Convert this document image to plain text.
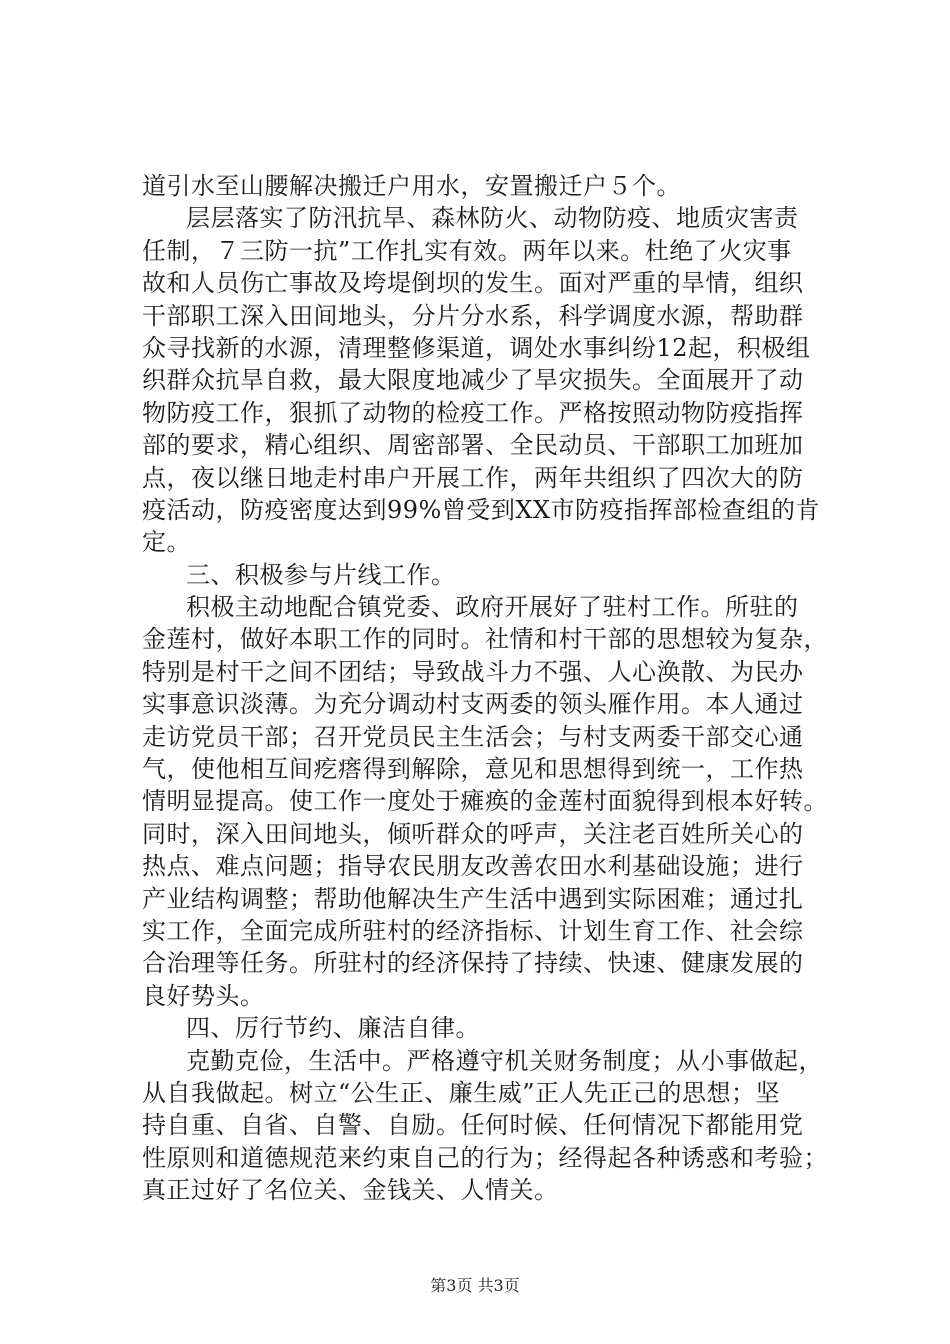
道引水至山腰解决搬迁户用水，安置搬迁户５个。
层层落实了防汛抗旱、森林防火、动物防疫、地质灾害责
任制，７三防一抗”工作扎实有效。两年以来。杜绝了火灾事
故和人员伤亡事故及垮堤倒坝的发生。面对严重的旱情，组织
干部职工深入田间地头，分片分水系，科学调度水源，帮助群
众寻找新的水源，清理整修渠道，调处水事纠纷12起，积极组
织群众抗旱自救，最大限度地减少了旱灾损失。全面展开了动
物防疫工作，狠抓了动物的检疫工作。严格按照动物防疫指挥
部的要求，精心组织、周密部署、全民动员、干部职工加班加
点，夜以继日地走村串户开展工作，两年共组织了四次大的防
疫活动，防疫密度达到99%曾受到XX市防疫指挥部检查组的肯
定。
三、积极参与片线工作。
积极主动地配合镇党委、政府开展好了驻村工作。所驻的
金莲村，做好本职工作的同时。社情和村干部的思想较为复杂，
特别是村干之间不团结；导致战斗力不强、人心涣散、为民办
实事意识淡薄。为充分调动村支两委的领头雁作用。本人通过
走访党员干部；召开党员民主生活会；与村支两委干部交心通
气，使他相互间疙瘩得到解除，意见和思想得到统一，工作热
情明显提高。使工作一度处于瘫痪的金莲村面貌得到根本好转。
同时，深入田间地头，倾听群众的呼声，关注老百姓所关心的
热点、难点问题；指导农民朋友改善农田水利基础设施；进行
产业结构调整；帮助他解决生产生活中遇到实际困难；通过扎
实工作，全面完成所驻村的经济指标、计划生育工作、社会综
合治理等任务。所驻村的经济保持了持续、快速、健康发展的
良好势头。
四、厉行节约、廉洁自律。
克勤克俭，生活中。严格遵守机关财务制度；从小事做起，
从自我做起。树立“公生正、廉生威”正人先正己的思想；坚
持自重、自省、自警、自励。任何时候、任何情况下都能用党
性原则和道德规范来约束自己的行为；经得起各种诱惑和考验；
真正过好了名位关、金钱关、人情关。
第3页 共3页
